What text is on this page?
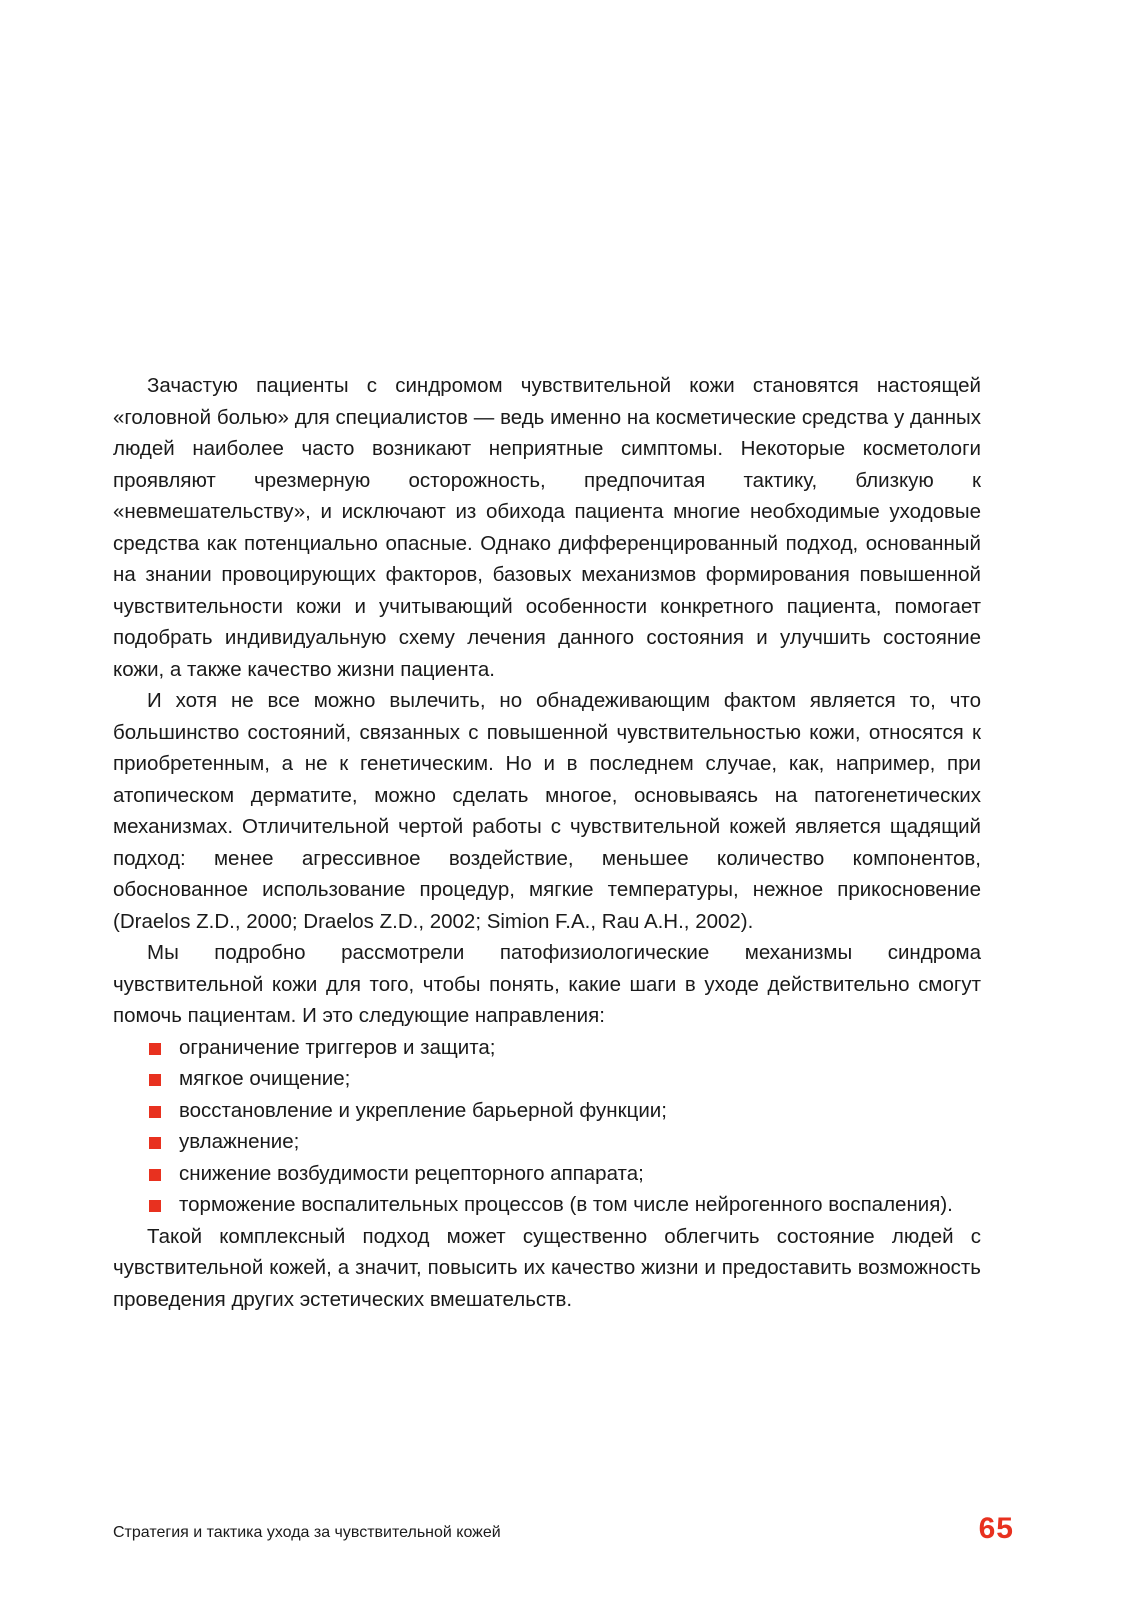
Зачастую пациенты с синдромом чувствительной кожи становятся настоящей «головной болью» для специалистов — ведь именно на косметические средства у данных людей наиболее часто возникают неприятные симптомы. Некоторые косметологи проявляют чрезмерную осторожность, предпочитая тактику, близкую к «невмешательству», и исключают из обихода пациента многие необходимые уходовые средства как потенциально опасные. Однако дифференцированный подход, основанный на знании провоцирующих факторов, базовых механизмов формирования повышенной чувствительности кожи и учитывающий особенности конкретного пациента, помогает подобрать индивидуальную схему лечения данного состояния и улучшить состояние кожи, а также качество жизни пациента.

И хотя не все можно вылечить, но обнадеживающим фактом является то, что большинство состояний, связанных с повышенной чувствительностью кожи, относятся к приобретенным, а не к генетическим. Но и в последнем случае, как, например, при атопическом дерматите, можно сделать многое, основываясь на патогенетических механизмах. Отличительной чертой работы с чувствительной кожей является щадящий подход: менее агрессивное воздействие, меньшее количество компонентов, обоснованное использование процедур, мягкие температуры, нежное прикосновение (Draelos Z.D., 2000; Draelos Z.D., 2002; Simion F.A., Rau A.H., 2002).

Мы подробно рассмотрели патофизиологические механизмы синдрома чувствительной кожи для того, чтобы понять, какие шаги в уходе действительно смогут помочь пациентам. И это следующие направления:

ограничение триггеров и защита;
мягкое очищение;
восстановление и укрепление барьерной функции;
увлажнение;
снижение возбудимости рецепторного аппарата;
торможение воспалительных процессов (в том числе нейрогенного воспаления).

Такой комплексный подход может существенно облегчить состояние людей с чувствительной кожей, а значит, повысить их качество жизни и предоставить возможность проведения других эстетических вмешательств.

Стратегия и тактика ухода за чувствительной кожей	65
